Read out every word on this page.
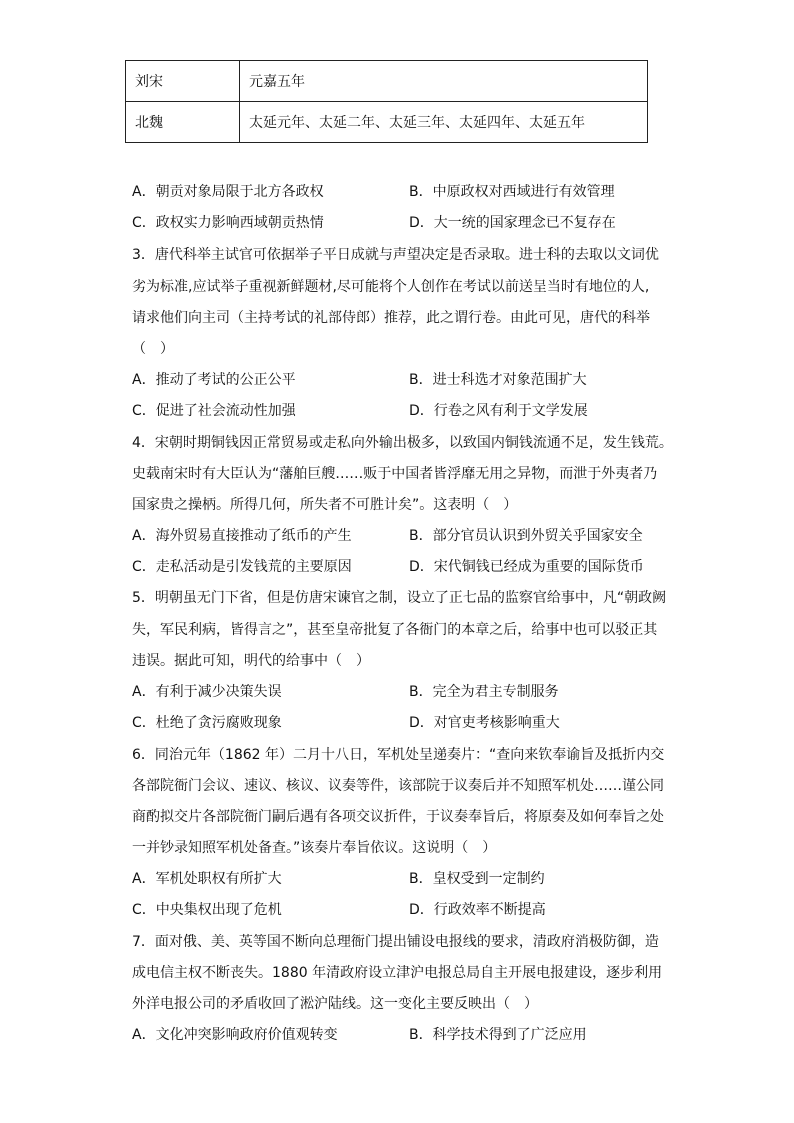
刘宋	元嘉五年
北魏	太延元年、太延二年、太延三年、太延四年、太延五年
A．朝贡对象局限于北方各政权	B．中原政权对西域进行有效管理
C．政权实力影响西域朝贡热情	D．大一统的国家理念已不复存在
3．唐代科举主试官可依据举子平日成就与声望决定是否录取。进士科的去取以文词优
劣为标准,应试举子重视新鲜题材,尽可能将个人创作在考试以前送呈当时有地位的人,
请求他们向主司（主持考试的礼部侍郎）推荐，此之谓行卷。由此可见，唐代的科举
（　）
A．推动了考试的公正公平	B．进士科选才对象范围扩大
C．促进了社会流动性加强	D．行卷之风有利于文学发展
4．宋朝时期铜钱因正常贸易或走私向外输出极多，以致国内铜钱流通不足，发生钱荒。
史载南宋时有大臣认为“藩舶巨艘……贩于中国者皆浮靡无用之异物，而泄于外夷者乃
国家贵之操柄。所得几何，所失者不可胜计矣”。这表明（　）
A．海外贸易直接推动了纸币的产生	B．部分官员认识到外贸关乎国家安全
C．走私活动是引发钱荒的主要原因	D．宋代铜钱已经成为重要的国际货币
5．明朝虽无门下省，但是仿唐宋谏官之制，设立了正七品的监察官给事中，凡“朝政阙
失，军民利病，皆得言之”，甚至皇帝批复了各衙门的本章之后，给事中也可以驳正其
违误。据此可知，明代的给事中（　）
A．有利于减少决策失误	B．完全为君主专制服务
C．杜绝了贪污腐败现象	D．对官吏考核影响重大
6．同治元年（1862 年）二月十八日，军机处呈递奏片：“查向来钦奉谕旨及抵折内交
各部院衙门会议、速议、核议、议奏等件，该部院于议奏后并不知照军机处……谨公同
商酌拟交片各部院衙门嗣后遇有各项交议折件，于议奏奉旨后，将原奏及如何奉旨之处
一并钞录知照军机处备查。”该奏片奉旨依议。这说明（　）
A．军机处职权有所扩大	B．皇权受到一定制约
C．中央集权出现了危机	D．行政效率不断提高
7．面对俄、美、英等国不断向总理衙门提出铺设电报线的要求，清政府消极防御，造
成电信主权不断丧失。1880 年清政府设立津沪电报总局自主开展电报建设，逐步利用
外洋电报公司的矛盾收回了淞沪陆线。这一变化主要反映出（　）
A．文化冲突影响政府价值观转变	B．科学技术得到了广泛应用
